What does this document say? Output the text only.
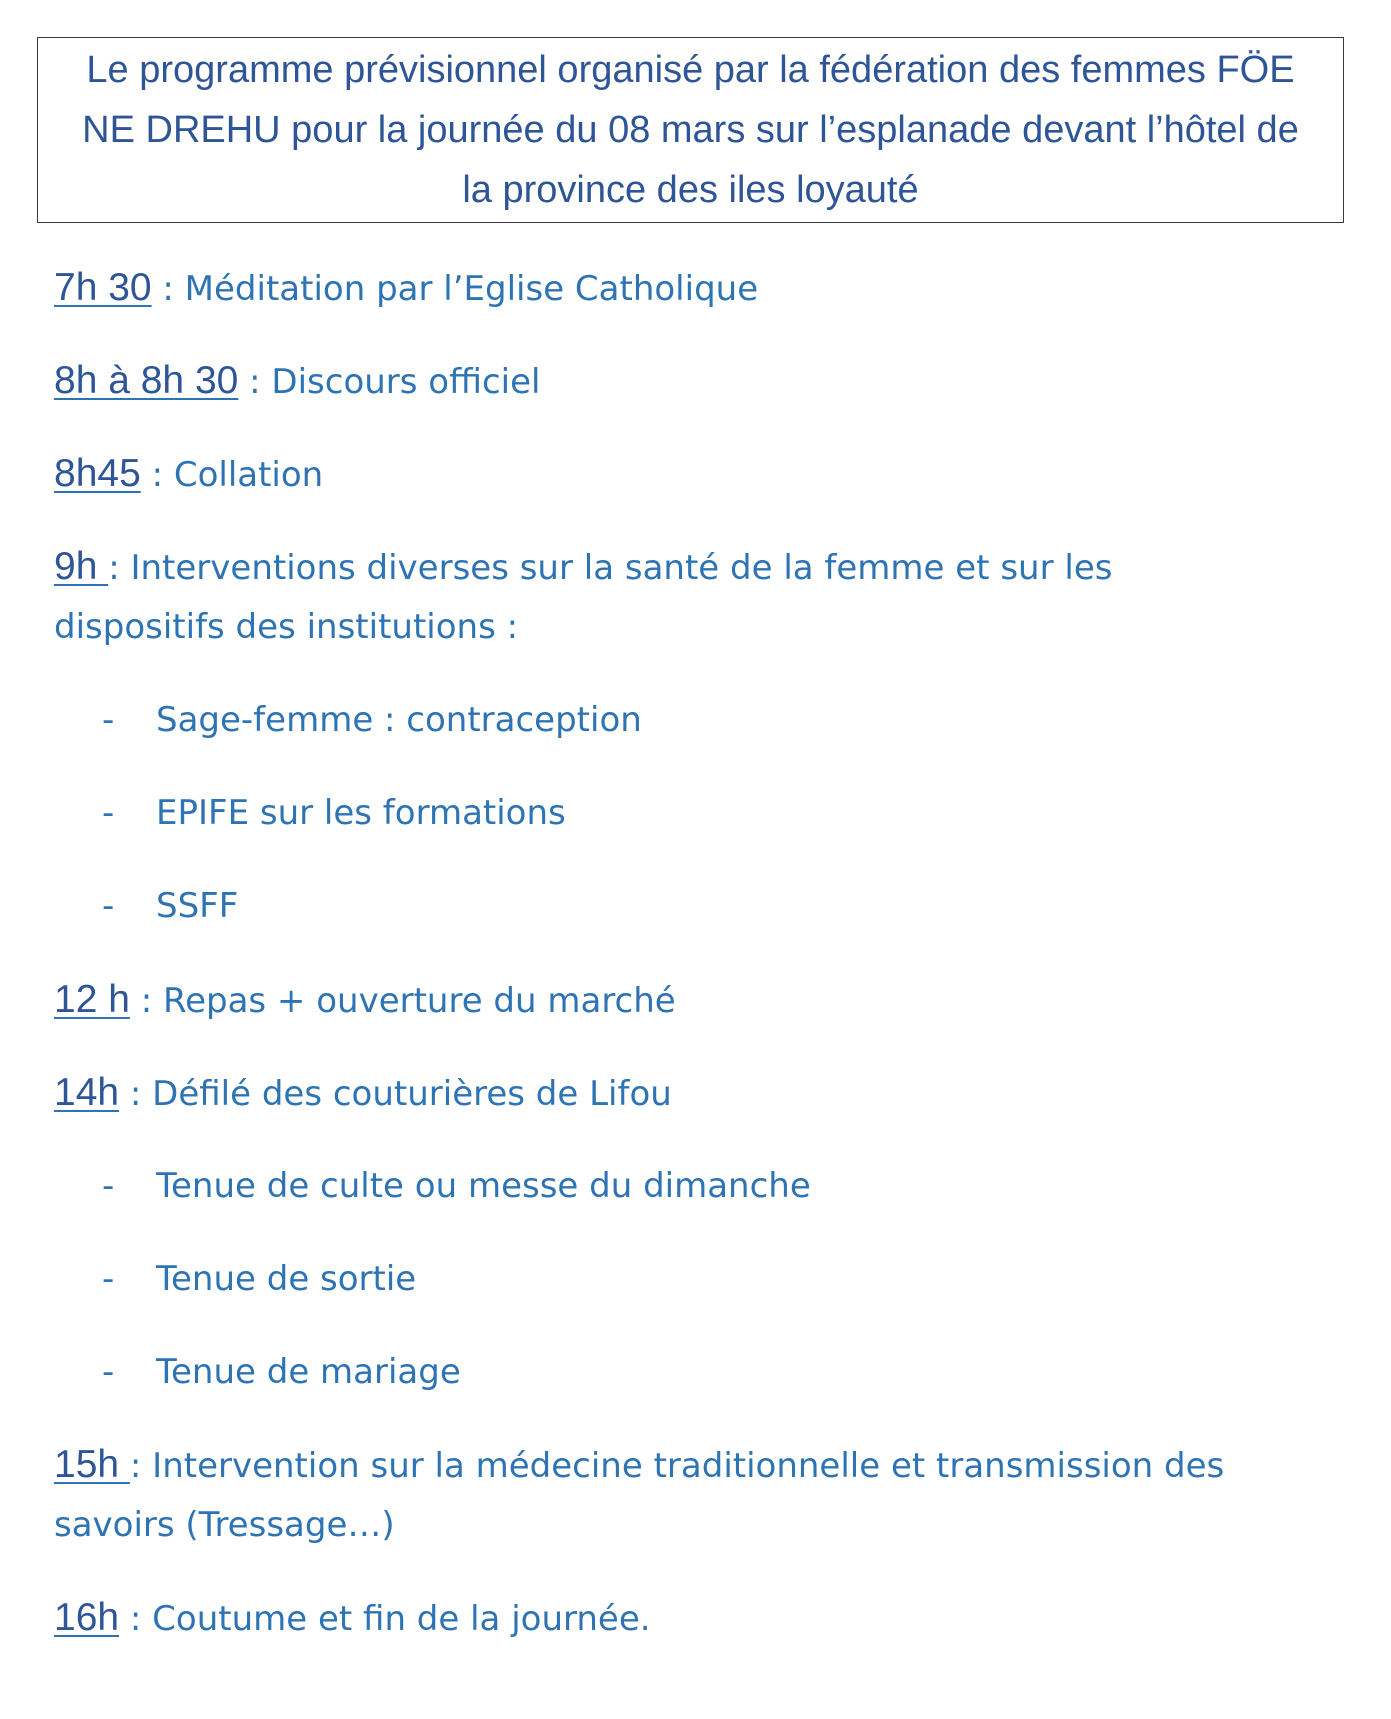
Le programme prévisionnel organisé par la fédération des femmes FÖE
NE DREHU pour la journée du 08 mars sur l’esplanade devant l’hôtel de
la province des iles loyauté
7h 30 : Méditation par l’Eglise Catholique
8h à 8h 30 : Discours officiel
8h45 : Collation
9h : Interventions diverses sur la santé de la femme et sur les
dispositifs des institutions :
- Sage-femme : contraception
- EPIFE sur les formations
- SSFF
12 h : Repas + ouverture du marché
14h : Défilé des couturières de Lifou
- Tenue de culte ou messe du dimanche
- Tenue de sortie
- Tenue de mariage
15h : Intervention sur la médecine traditionnelle et transmission des
savoirs (Tressage…)
16h : Coutume et fin de la journée.
